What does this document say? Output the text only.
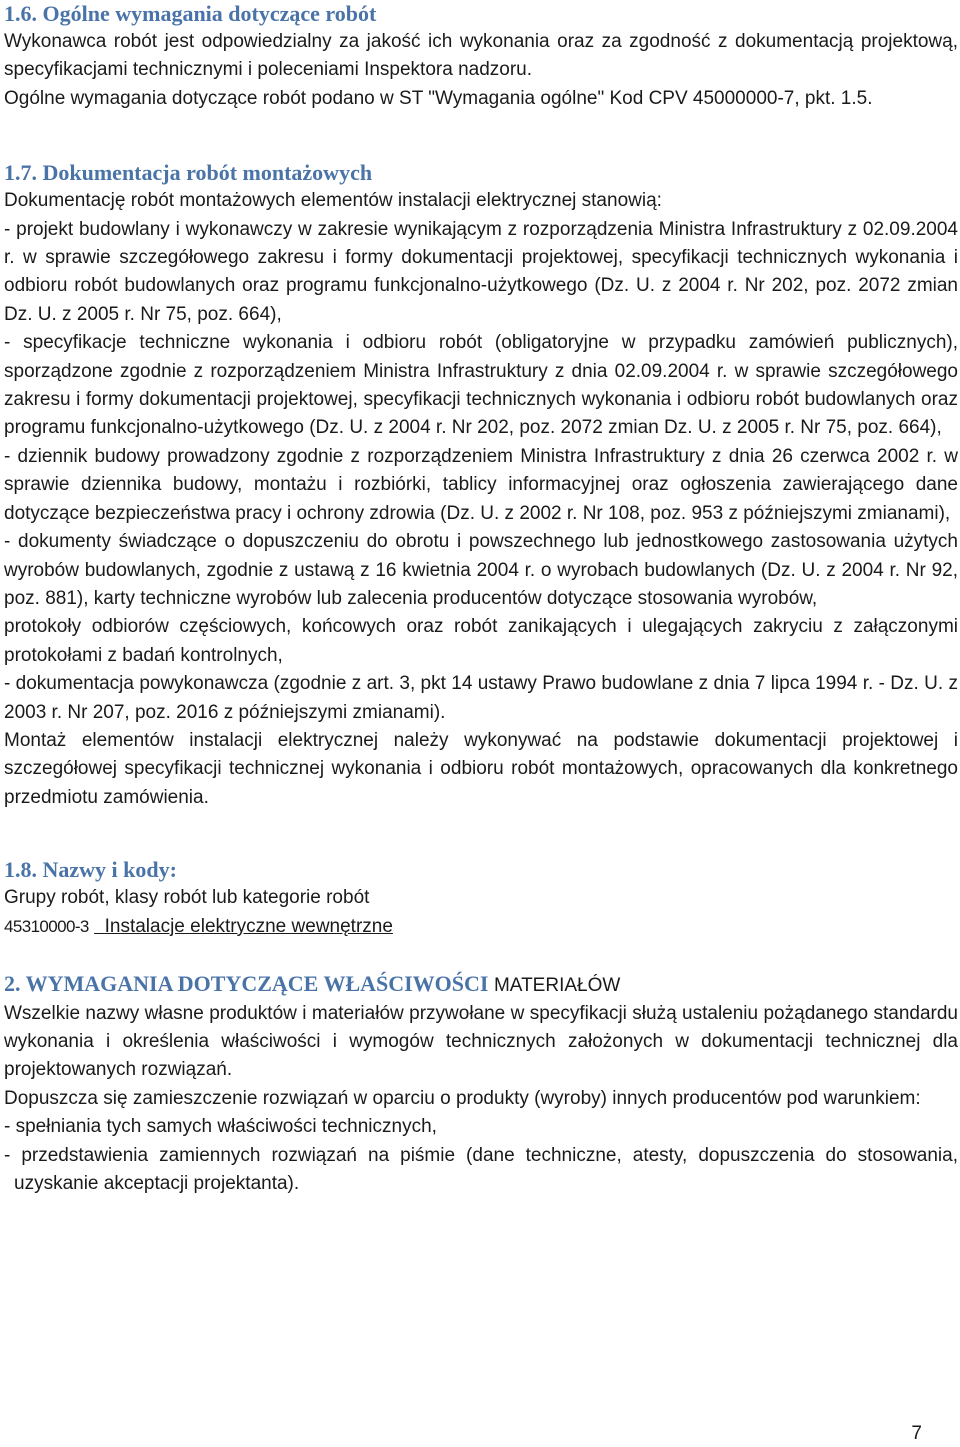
1.6. Ogólne wymagania dotyczące robót

Wykonawca robót jest odpowiedzialny za jakość ich wykonania oraz za zgodność z dokumentacją projektową, specyfikacjami technicznymi i poleceniami Inspektora nadzoru.

Ogólne wymagania dotyczące robót podano w ST "Wymagania ogólne" Kod CPV 45000000-7, pkt. 1.5.

1.7. Dokumentacja robót montażowych

Dokumentację robót montażowych elementów instalacji elektrycznej stanowią:

- projekt budowlany i wykonawczy w zakresie wynikającym z rozporządzenia Ministra Infrastruktury z 02.09.2004 r. w sprawie szczegółowego zakresu i formy dokumentacji projektowej, specyfikacji technicznych wykonania i odbioru robót budowlanych oraz programu funkcjonalno-użytkowego (Dz. U. z 2004 r. Nr 202, poz. 2072 zmian Dz. U. z 2005 r. Nr 75, poz. 664),

- specyfikacje techniczne wykonania i odbioru robót (obligatoryjne w przypadku zamówień publicznych), sporządzone zgodnie z rozporządzeniem Ministra Infrastruktury z dnia 02.09.2004 r. w sprawie szczegółowego zakresu i formy dokumentacji projektowej, specyfikacji technicznych wykonania i odbioru robót budowlanych oraz programu funkcjonalno-użytkowego (Dz. U. z 2004 r. Nr 202, poz. 2072 zmian Dz. U. z 2005 r. Nr 75, poz. 664),

- dziennik budowy prowadzony zgodnie z rozporządzeniem Ministra Infrastruktury z dnia 26 czerwca 2002 r. w sprawie dziennika budowy, montażu i rozbiórki, tablicy informacyjnej oraz ogłoszenia zawierającego dane dotyczące bezpieczeństwa pracy i ochrony zdrowia (Dz. U. z 2002 r. Nr 108, poz. 953 z późniejszymi zmianami),

- dokumenty świadczące o dopuszczeniu do obrotu i powszechnego lub jednostkowego zastosowania użytych wyrobów budowlanych, zgodnie z ustawą z 16 kwietnia 2004 r. o wyrobach budowlanych (Dz. U. z 2004 r. Nr 92, poz. 881), karty techniczne wyrobów lub zalecenia producentów dotyczące stosowania wyrobów,

protokoły odbiorów częściowych, końcowych oraz robót zanikających i ulegających zakryciu z załączonymi protokołami z badań kontrolnych,

- dokumentacja powykonawcza (zgodnie z art. 3, pkt 14 ustawy Prawo budowlane z dnia 7 lipca 1994 r. - Dz. U. z 2003 r. Nr 207, poz. 2016 z późniejszymi zmianami).

Montaż elementów instalacji elektrycznej należy wykonywać na podstawie dokumentacji projektowej i szczegółowej specyfikacji technicznej wykonania i odbioru robót montażowych, opracowanych dla konkretnego przedmiotu zamówienia.

1.8. Nazwy i kody:

Grupy robót, klasy robót lub kategorie robót

45310000-3 Instalacje elektryczne wewnętrzne
2. WYMAGANIA DOTYCZĄCE WŁAŚCIWOŚCI MATERIAŁÓW

Wszelkie nazwy własne produktów i materiałów przywołane w specyfikacji służą ustaleniu pożądanego standardu wykonania i określenia właściwości i wymogów technicznych założonych w dokumentacji technicznej dla projektowanych rozwiązań.

Dopuszcza się zamieszczenie rozwiązań w oparciu o produkty (wyroby) innych producentów pod warunkiem:

- spełniania tych samych właściwości technicznych,

- przedstawienia zamiennych rozwiązań na piśmie (dane techniczne, atesty, dopuszczenia do stosowania, uzyskanie akceptacji projektanta).

7
